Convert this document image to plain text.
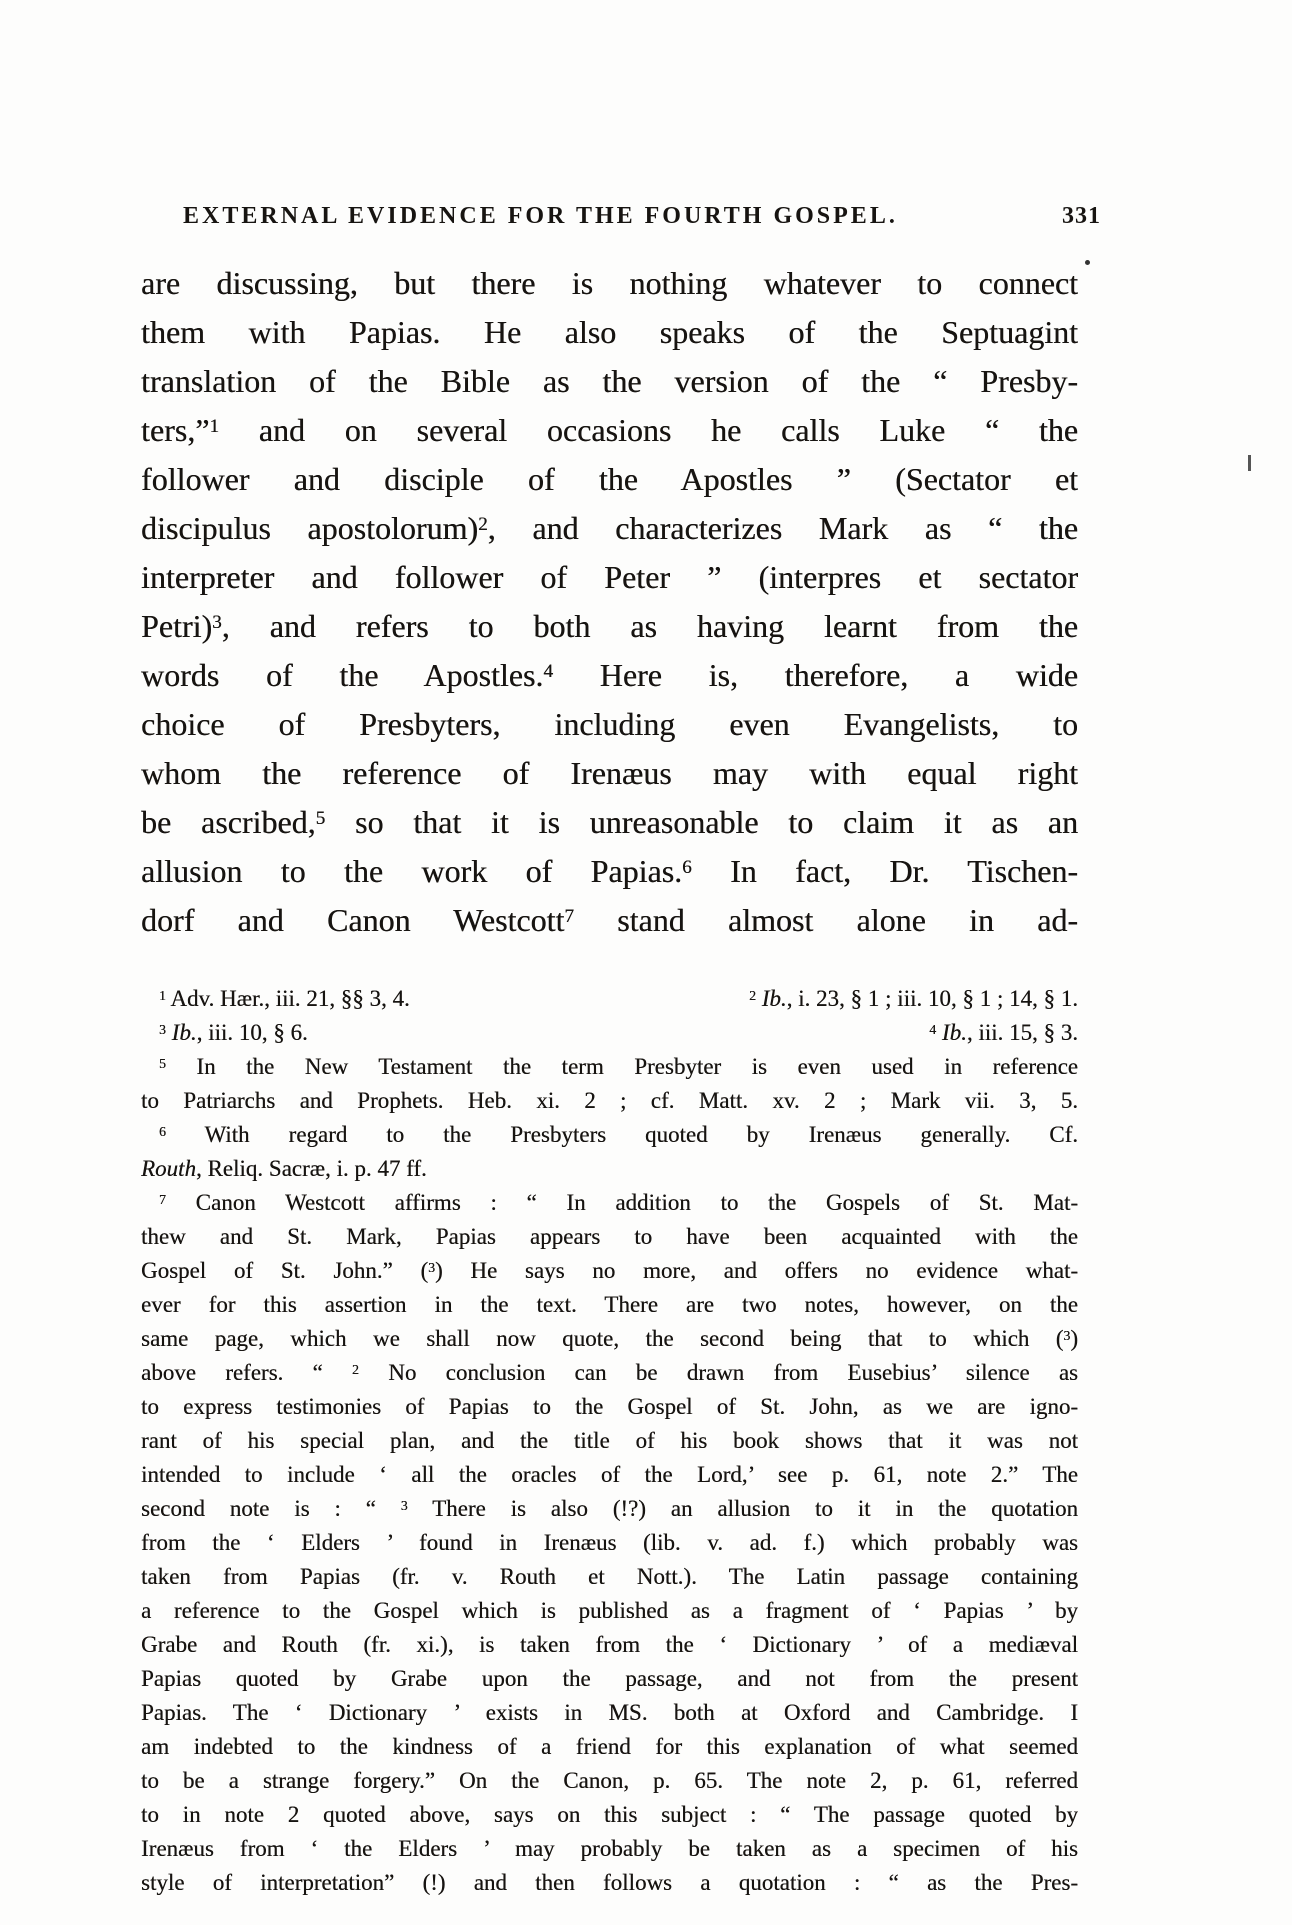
EXTERNAL EVIDENCE FOR THE FOURTH GOSPEL.	331
are discussing, but there is nothing whatever to connect
them with Papias. He also speaks of the Septuagint
translation of the Bible as the version of the “ Presby-
ters,”$^1$ and on several occasions he calls Luke “ the
follower and disciple of the Apostles ” (Sectator et
discipulus apostolorum)$^2$, and characterizes Mark as “ the
interpreter and follower of Peter ” (interpres et sectator
Petri)$^3$, and refers to both as having learnt from the
words of the Apostles.$^4$ Here is, therefore, a wide
choice of Presbyters, including even Evangelists, to
whom the reference of Irenæus may with equal right
be ascribed,$^5$ so that it is unreasonable to claim it as an
allusion to the work of Papias.$^6$ In fact, Dr. Tischen-
dorf and Canon Westcott$^7$ stand almost alone in ad-
$^1$ Adv. Hær., iii. 21, §§ 3, 4.	$^2$ Ib., i. 23, § 1 ; iii. 10, § 1 ; 14, § 1.
$^3$ Ib., iii. 10, § 6.	$^4$ Ib., iii. 15, § 3.
$^5$ In the New Testament the term Presbyter is even used in reference
to Patriarchs and Prophets. Heb. xi. 2 ; cf. Matt. xv. 2 ; Mark vii. 3, 5.
$^6$ With regard to the Presbyters quoted by Irenæus generally. Cf.
Routh, Reliq. Sacræ, i. p. 47 ff.
$^7$ Canon Westcott affirms : “ In addition to the Gospels of St. Mat-
thew and St. Mark, Papias appears to have been acquainted with the
Gospel of St. John.” ($^3$) He says no more, and offers no evidence what-
ever for this assertion in the text. There are two notes, however, on the
same page, which we shall now quote, the second being that to which ($^3$)
above refers. “ $^2$ No conclusion can be drawn from Eusebius’ silence as
to express testimonies of Papias to the Gospel of St. John, as we are igno-
rant of his special plan, and the title of his book shows that it was not
intended to include ‘ all the oracles of the Lord,’ see p. 61, note 2.” The
second note is : “ $^3$ There is also (!?) an allusion to it in the quotation
from the ‘ Elders ’ found in Irenæus (lib. v. ad. f.) which probably was
taken from Papias (fr. v. Routh et Nott.). The Latin passage containing
a reference to the Gospel which is published as a fragment of ‘ Papias ’ by
Grabe and Routh (fr. xi.), is taken from the ‘ Dictionary ’ of a mediæval
Papias quoted by Grabe upon the passage, and not from the present
Papias. The ‘ Dictionary ’ exists in MS. both at Oxford and Cambridge. I
am indebted to the kindness of a friend for this explanation of what seemed
to be a strange forgery.” On the Canon, p. 65. The note 2, p. 61, referred
to in note 2 quoted above, says on this subject : “ The passage quoted by
Irenæus from ‘ the Elders ’ may probably be taken as a specimen of his
style of interpretation” (!) and then follows a quotation : “ as the Pres-
